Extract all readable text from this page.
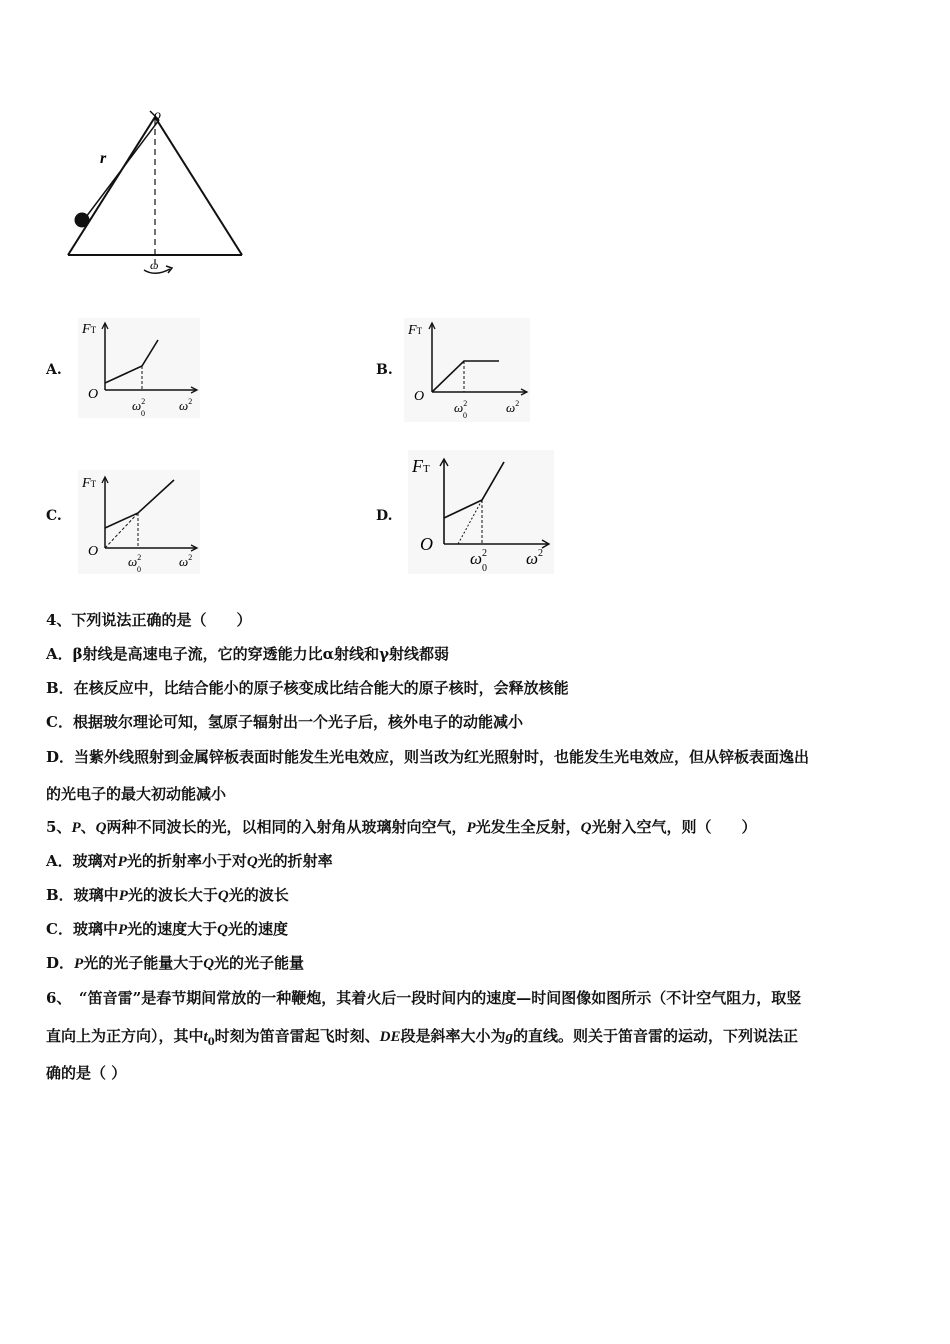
o
r
ω
A.	B.
C.	D.
FT
O
$\omega^2$
0
$\omega^2$
FT
O
$\omega^2$
0
$\omega^2$
FT
O
$\omega^2$
0
$\omega^2$
FT
O
$\omega^2$
0
$\omega^2$
4、下列说法正确的是（　　）
A．β射线是高速电子流，它的穿透能力比α射线和γ射线都弱
B．在核反应中，比结合能小的原子核变成比结合能大的原子核时，会释放核能
C．根据玻尔理论可知，氢原子辐射出一个光子后，核外电子的动能减小
D．当紫外线照射到金属锌板表面时能发生光电效应，则当改为红光照射时，也能发生光电效应，但从锌板表面逸出
的光电子的最大初动能减小
5、P、Q两种不同波长的光，以相同的入射角从玻璃射向空气，P光发生全反射，Q光射入空气，则（　　）
A．玻璃对P光的折射率小于对Q光的折射率
B．玻璃中P光的波长大于Q光的波长
C．玻璃中P光的速度大于Q光的速度
D．P光的光子能量大于Q光的光子能量
6、　“笛音雷”是春节期间常放的一种鞭炮，其着火后一段时间内的速度—时间图像如图所示（不计空气阻力，取竖
直向上为正方向），其中$t_0$时刻为笛音雷起飞时刻、DE段是斜率大小为g的直线。则关于笛音雷的运动，下列说法正
确的是（ ）
